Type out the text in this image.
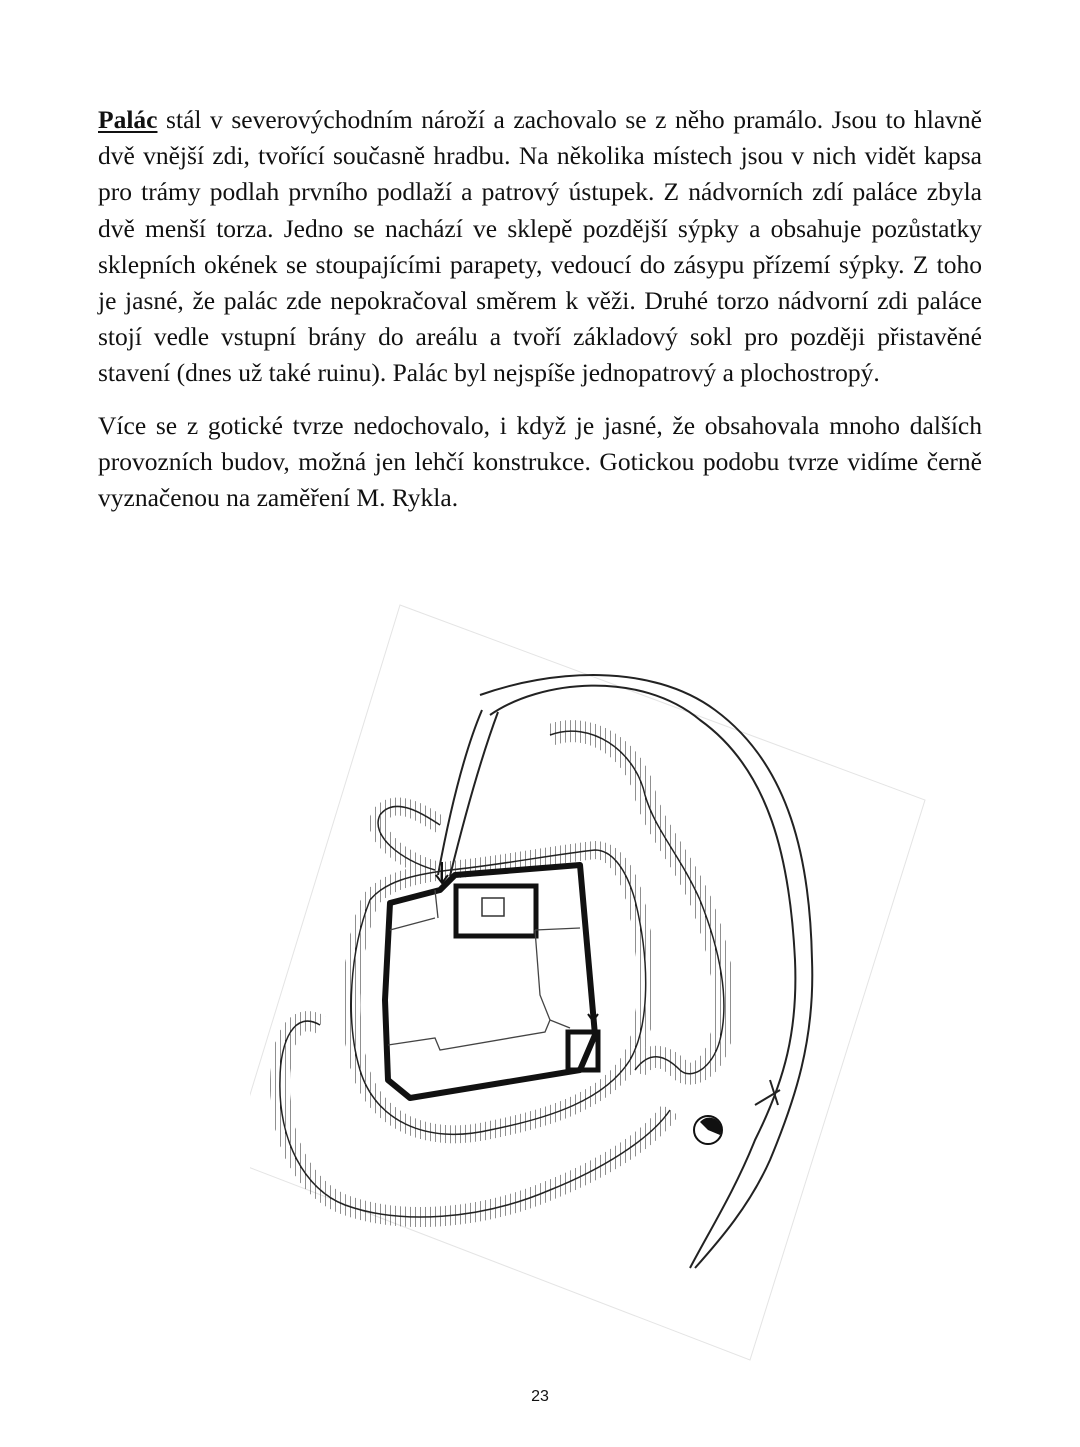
Palác stál v severovýchodním nároží a zachovalo se z něho pramálo. Jsou to hlavně dvě vnější zdi, tvořící současně hradbu. Na několika místech jsou v nich vidět kapsa pro trámy podlah prvního podlaží a patrový ústupek. Z nádvorních zdí paláce zbyla dvě menší torza. Jedno se nachází ve sklepě pozdější sýpky a obsahuje pozůstatky sklepních okének se stoupajícími parapety, vedoucí do zásypu přízemí sýpky. Z toho je jasné, že palác zde nepokračoval směrem k věži. Druhé torzo nádvorní zdi paláce stojí vedle vstupní brány do areálu a tvoří základový sokl pro později přistavěné stavení (dnes už také ruinu). Palác byl nejspíše jednopatrový a plochostropý.

Více se z gotické tvrze nedochovalo, i když je jasné, že obsahovala mnoho dalších provozních budov, možná jen lehčí konstrukce. Gotickou podobu tvrze vidíme černě vyznačenou na zaměření M. Rykla.

23
